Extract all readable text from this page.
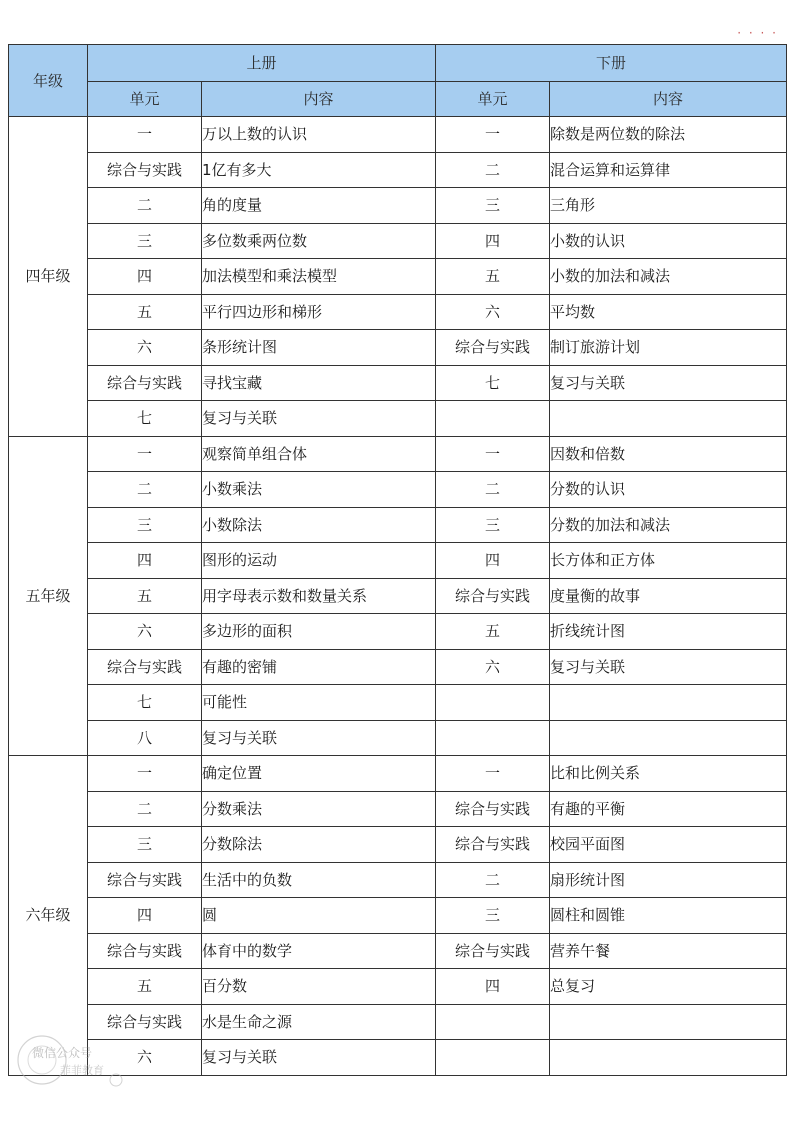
· · · ·
年级	上册		下册	
	单元	内容	单元	内容
四年级	一	万以上数的认识	一	除数是两位数的除法
	综合与实践	1亿有多大	二	混合运算和运算律
	二	角的度量	三	三角形
	三	多位数乘两位数	四	小数的认识
	四	加法模型和乘法模型	五	小数的加法和减法
	五	平行四边形和梯形	六	平均数
	六	条形统计图	综合与实践	制订旅游计划
	综合与实践	寻找宝藏	七	复习与关联
	七	复习与关联		
五年级	一	观察简单组合体	一	因数和倍数
	二	小数乘法	二	分数的认识
	三	小数除法	三	分数的加法和减法
	四	图形的运动	四	长方体和正方体
	五	用字母表示数和数量关系	综合与实践	度量衡的故事
	六	多边形的面积	五	折线统计图
	综合与实践	有趣的密铺	六	复习与关联
	七	可能性		
	八	复习与关联		
六年级	一	确定位置	一	比和比例关系
	二	分数乘法	综合与实践	有趣的平衡
	三	分数除法	综合与实践	校园平面图
	综合与实践	生活中的负数	二	扇形统计图
	四	圆	三	圆柱和圆锥
	综合与实践	体育中的数学	综合与实践	营养午餐
	五	百分数	四	总复习
	综合与实践	水是生命之源		
	六	复习与关联		
微信公众号
菲菲教育
